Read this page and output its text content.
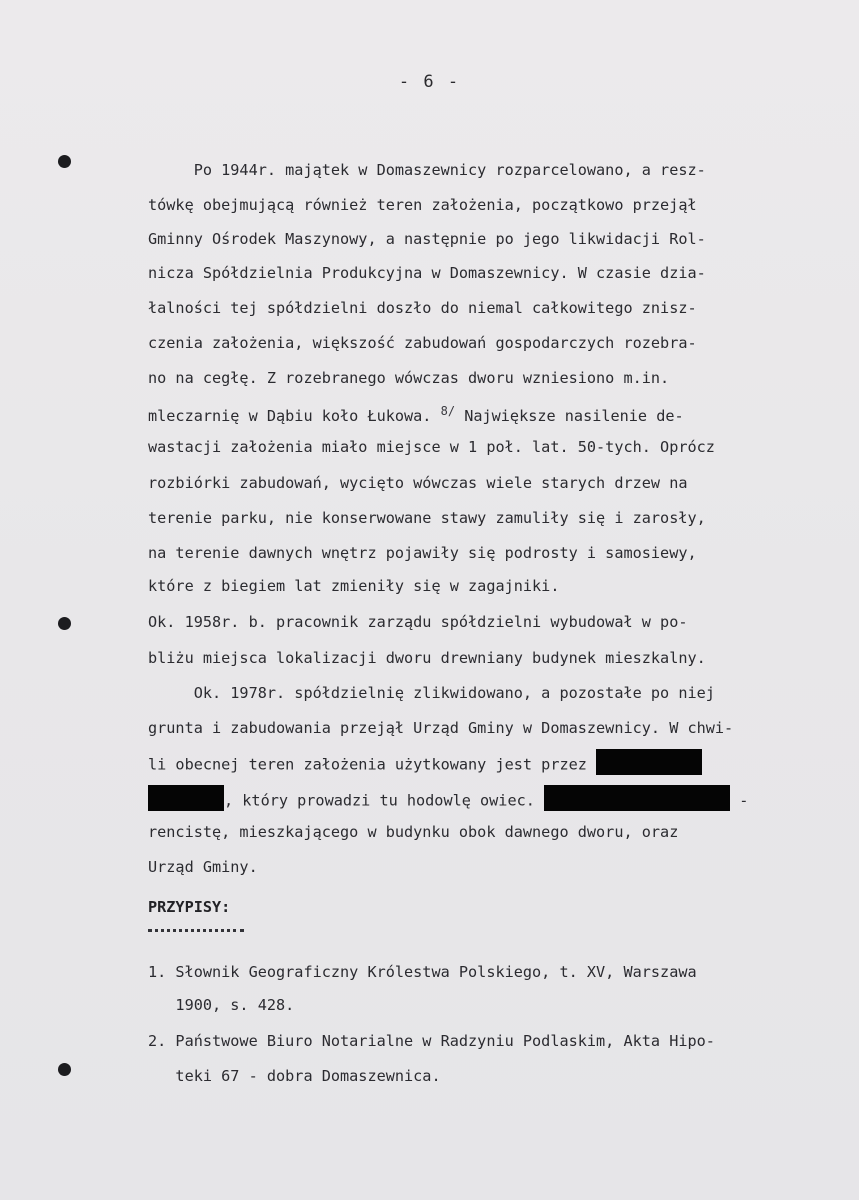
- 6 -
Po 1944r. majątek w Domaszewnicy rozparcelowano, a resz-
tówkę obejmującą również teren założenia, początkowo przejął
Gminny Ośrodek Maszynowy, a następnie po jego likwidacji Rol-
nicza Spółdzielnia Produkcyjna w Domaszewnicy. W czasie dzia-
łalności tej spółdzielni doszło do niemal całkowitego znisz-
czenia założenia, większość zabudowań gospodarczych rozebra-
no na cegłę. Z rozebranego wówczas dworu wzniesiono m.in.
mleczarnię w Dąbiu koło Łukowa. $^{8/}$ Największe nasilenie de-
wastacji założenia miało miejsce w 1 poł. lat. 50-tych. Oprócz
rozbiórki zabudowań, wycięto wówczas wiele starych drzew na
terenie parku, nie konserwowane stawy zamuliły się i zarosły,
na terenie dawnych wnętrz pojawiły się podrosty i samosiewy,
które z biegiem lat zmieniły się w zagajniki.
Ok. 1958r. b. pracownik zarządu spółdzielni wybudował w po-
bliżu miejsca lokalizacji dworu drewniany budynek mieszkalny.
Ok. 1978r. spółdzielnię zlikwidowano, a pozostałe po niej
grunta i zabudowania przejął Urząd Gminy w Domaszewnicy. W chwi-
li obecnej teren założenia użytkowany jest przez
, który prowadzi tu hodowlę owiec.	-
rencistę, mieszkającego w budynku obok dawnego dworu, oraz
Urząd Gminy.
PRZYPISY:
1. Słownik Geograficzny Królestwa Polskiego, t. XV, Warszawa
1900, s. 428.
2. Państwowe Biuro Notarialne w Radzyniu Podlaskim, Akta Hipo-
teki 67 - dobra Domaszewnica.
